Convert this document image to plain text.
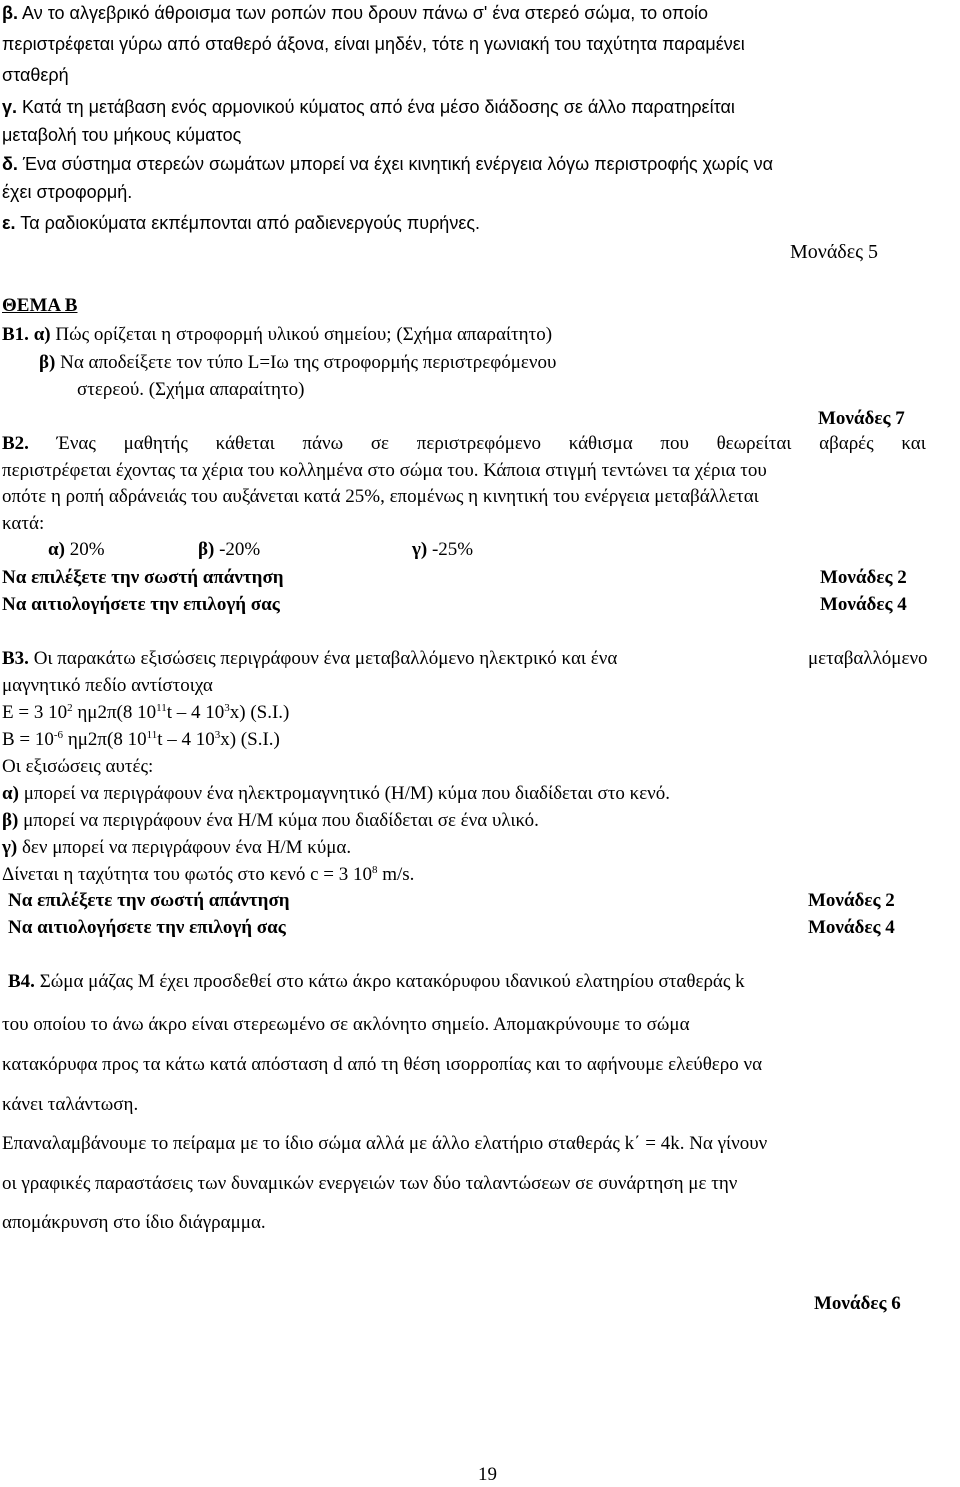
β. Αν το αλγεβρικό άθροισμα των ροπών που δρουν πάνω σ' ένα στερεό σώμα, το οποίο
περιστρέφεται γύρω από σταθερό άξονα, είναι μηδέν, τότε η γωνιακή του ταχύτητα παραμένει
σταθερή
γ. Κατά τη μετάβαση ενός αρμονικού κύματος από ένα μέσο διάδοσης σε άλλο παρατηρείται
μεταβολή του μήκους κύματος
δ. Ένα σύστημα στερεών σωμάτων μπορεί να έχει κινητική ενέργεια λόγω περιστροφής χωρίς να
έχει στροφορμή.
ε. Τα ραδιοκύματα εκπέμπονται από ραδιενεργούς πυρήνες.
Μονάδες 5
ΘΕΜΑ Β
Β1. α) Πώς ορίζεται η στροφορμή υλικού σημείου; (Σχήμα απαραίτητο)
β) Να αποδείξετε τον τύπο L=Iω της στροφορμής περιστρεφόμενου
στερεού. (Σχήμα απαραίτητο)
Μονάδες 7
Β2. Ένας μαθητής κάθεται πάνω σε περιστρεφόμενο κάθισμα που θεωρείται αβαρές και
περιστρέφεται έχοντας τα χέρια του κολλημένα στο σώμα του. Κάποια στιγμή τεντώνει τα χέρια του
οπότε η ροπή αδράνειάς του αυξάνεται κατά 25%, επομένως η κινητική του ενέργεια μεταβάλλεται
κατά:
α) 20%	β) -20%	γ) -25%
Να επιλέξετε την σωστή απάντηση	Μονάδες 2
Να αιτιολογήσετε την επιλογή σας	Μονάδες 4
Β3. Οι παρακάτω εξισώσεις περιγράφουν ένα μεταβαλλόμενο ηλεκτρικό και ένα	μεταβαλλόμενο
μαγνητικό πεδίο αντίστοιχα
E = 3 $10^2$ ημ2π(8 $10^{11}t - 4$ $10^3x$) (S.I.)
$B = 10^{-6}$ ημ2π(8 $10^{11}t - 4$ $10^3x$) (S.I.)
Οι εξισώσεις αυτές:
α) μπορεί να περιγράφουν ένα ηλεκτρομαγνητικό (Η/Μ) κύμα που διαδίδεται στο κενό.
β) μπορεί να περιγράφουν ένα Η/Μ κύμα που διαδίδεται σε ένα υλικό.
γ) δεν μπορεί να περιγράφουν ένα Η/Μ κύμα.
Δίνεται η ταχύτητα του φωτός στο κενό c = 3 $10^8$ m/s.
Να επιλέξετε την σωστή απάντηση	Μονάδες 2
Να αιτιολογήσετε την επιλογή σας	Μονάδες 4
Β4. Σώμα μάζας Μ έχει προσδεθεί στο κάτω άκρο κατακόρυφου ιδανικού ελατηρίου σταθεράς k
του οποίου το άνω άκρο είναι στερεωμένο σε ακλόνητο σημείο. Απομακρύνουμε το σώμα
κατακόρυφα προς τα κάτω κατά απόσταση d από τη θέση ισορροπίας και το αφήνουμε ελεύθερο να
κάνει ταλάντωση.
Επαναλαμβάνουμε το πείραμα με το ίδιο σώμα αλλά με άλλο ελατήριο σταθεράς k΄ = 4k. Να γίνουν
οι γραφικές παραστάσεις των δυναμικών ενεργειών των δύο ταλαντώσεων σε συνάρτηση με την
απομάκρυνση στο ίδιο διάγραμμα.
Μονάδες 6
19
